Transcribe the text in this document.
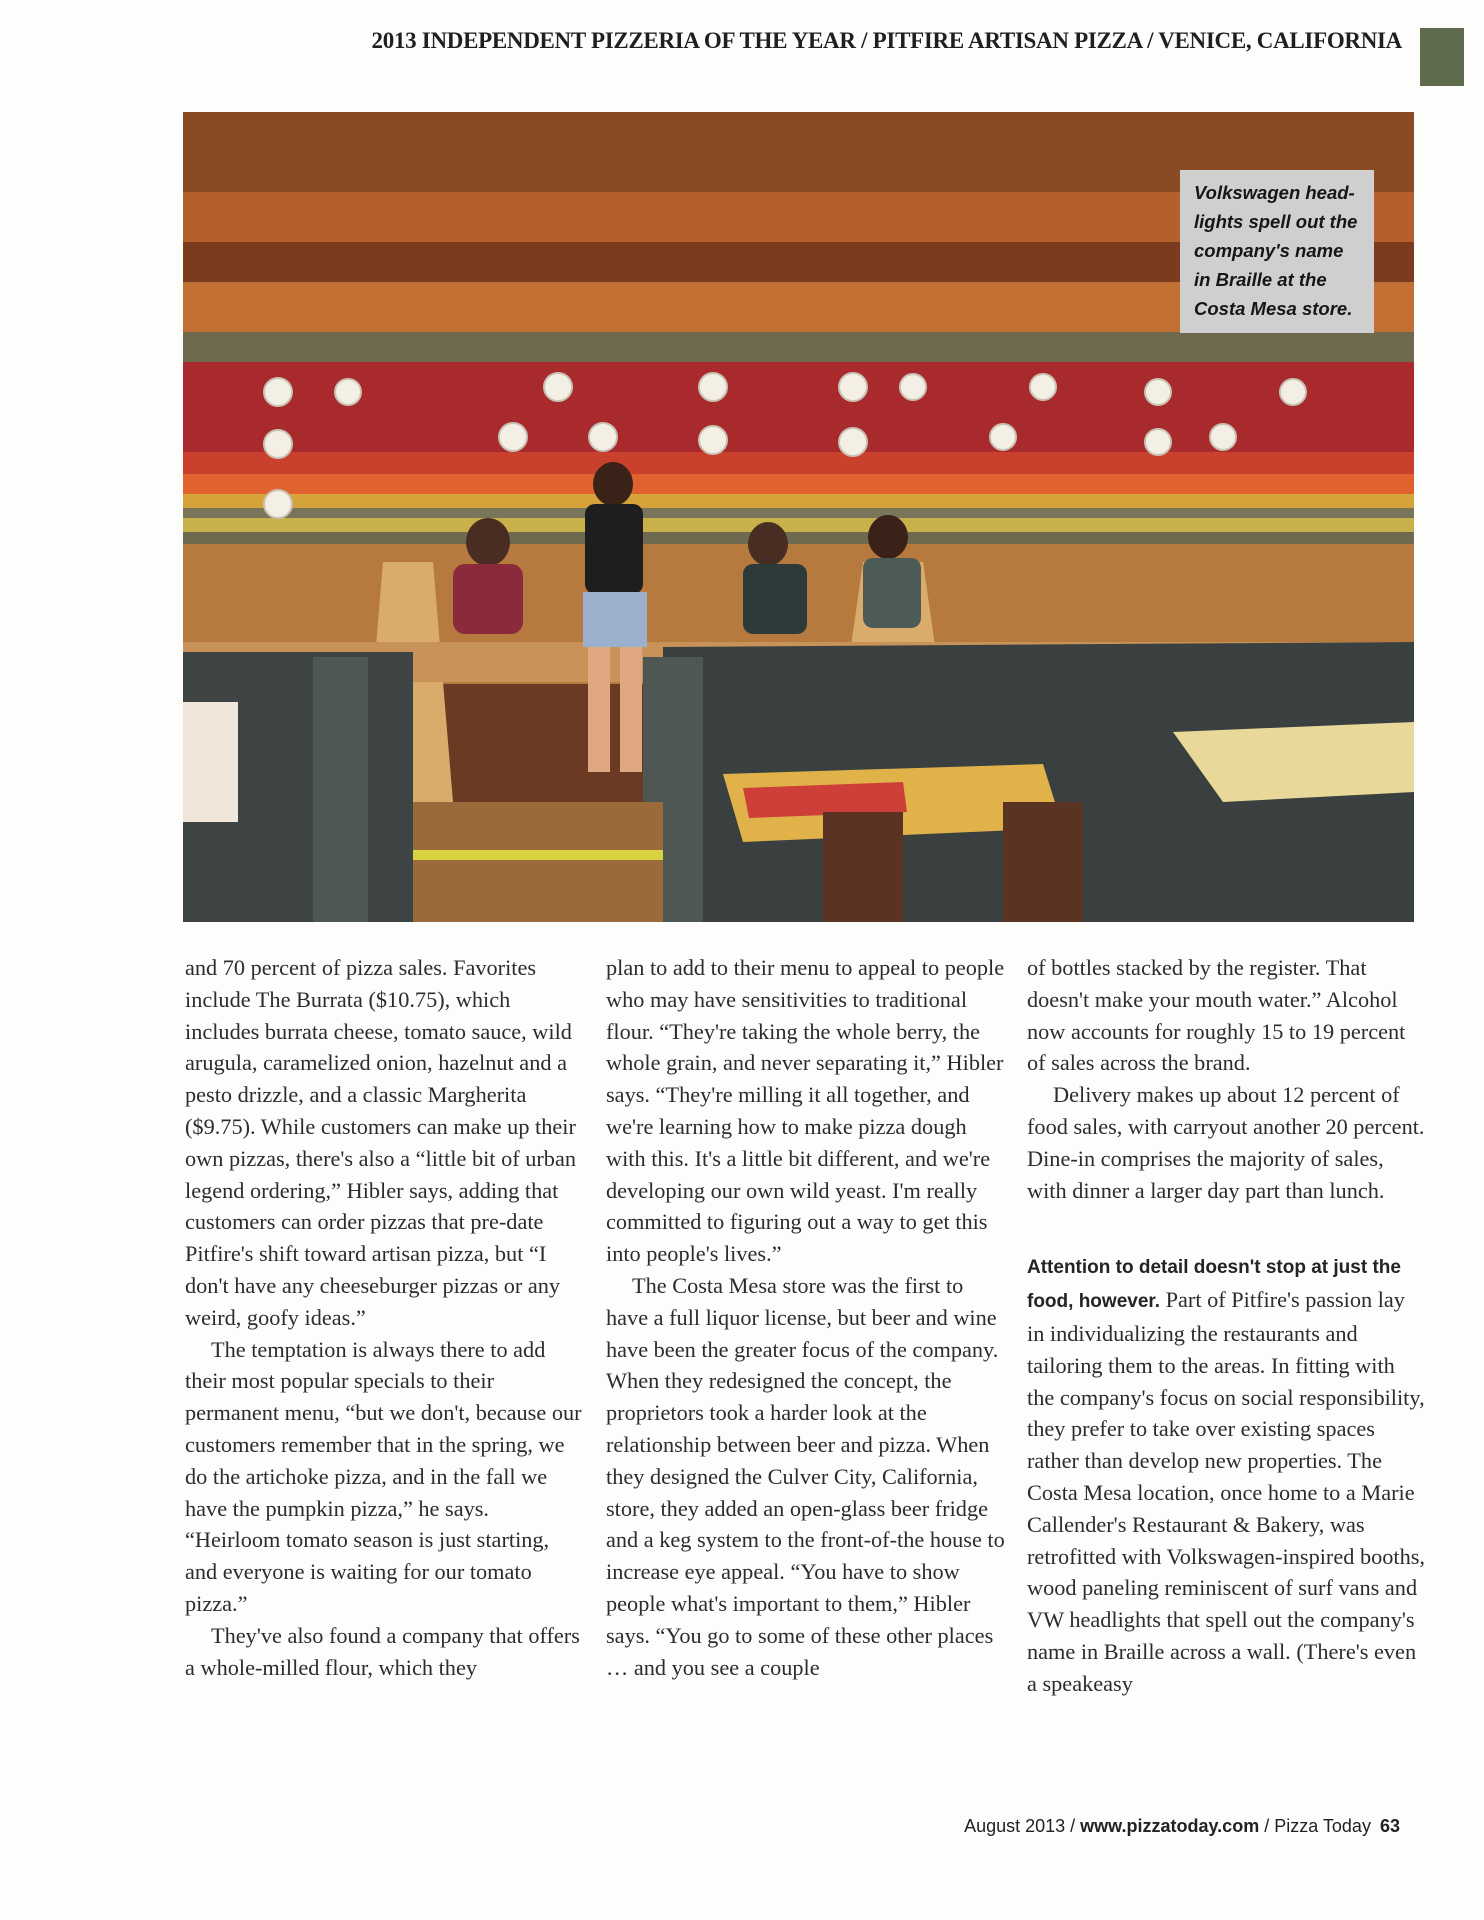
2013 INDEPENDENT PIZZERIA OF THE YEAR / PITFIRE ARTISAN PIZZA / VENICE, CALIFORNIA
Volkswagen head-lights spell out the company's name in Braille at the Costa Mesa store.

and 70 percent of pizza sales. Favorites include The Burrata ($10.75), which includes burrata cheese, tomato sauce, wild arugula, caramelized onion, hazelnut and a pesto drizzle, and a classic Margherita ($9.75). While customers can make up their own pizzas, there's also a “little bit of urban legend ordering,” Hibler says, adding that customers can order pizzas that pre-date Pitfire's shift toward artisan pizza, but “I don't have any cheeseburger pizzas or any weird, goofy ideas.”

The temptation is always there to add their most popular specials to their permanent menu, “but we don't, because our customers remember that in the spring, we do the artichoke pizza, and in the fall we have the pumpkin pizza,” he says. “Heirloom tomato season is just starting, and everyone is waiting for our tomato pizza.”

They've also found a company that offers a whole-milled flour, which they

plan to add to their menu to appeal to people who may have sensitivities to traditional flour. “They're taking the whole berry, the whole grain, and never separating it,” Hibler says. “They're milling it all together, and we're learning how to make pizza dough with this. It's a little bit different, and we're developing our own wild yeast. I'm really committed to figuring out a way to get this into people's lives.”

The Costa Mesa store was the first to have a full liquor license, but beer and wine have been the greater focus of the company. When they redesigned the concept, the proprietors took a harder look at the relationship between beer and pizza. When they designed the Culver City, California, store, they added an open-glass beer fridge and a keg system to the front-of-the house to increase eye appeal. “You have to show people what's important to them,” Hibler says. “You go to some of these other places … and you see a couple

of bottles stacked by the register. That doesn't make your mouth water.” Alcohol now accounts for roughly 15 to 19 percent of sales across the brand.

Delivery makes up about 12 percent of food sales, with carryout another 20 percent. Dine-in comprises the majority of sales, with dinner a larger day part than lunch.

Attention to detail doesn't stop at just the food, however. Part of Pitfire's passion lay in individualizing the restaurants and tailoring them to the areas. In fitting with the company's focus on social responsibility, they prefer to take over existing spaces rather than develop new properties. The Costa Mesa location, once home to a Marie Callender's Restaurant & Bakery, was retrofitted with Volkswagen-inspired booths, wood paneling reminiscent of surf vans and VW headlights that spell out the company's name in Braille across a wall. (There's even a speakeasy

August 2013 / www.pizzatoday.com / Pizza Today 63
